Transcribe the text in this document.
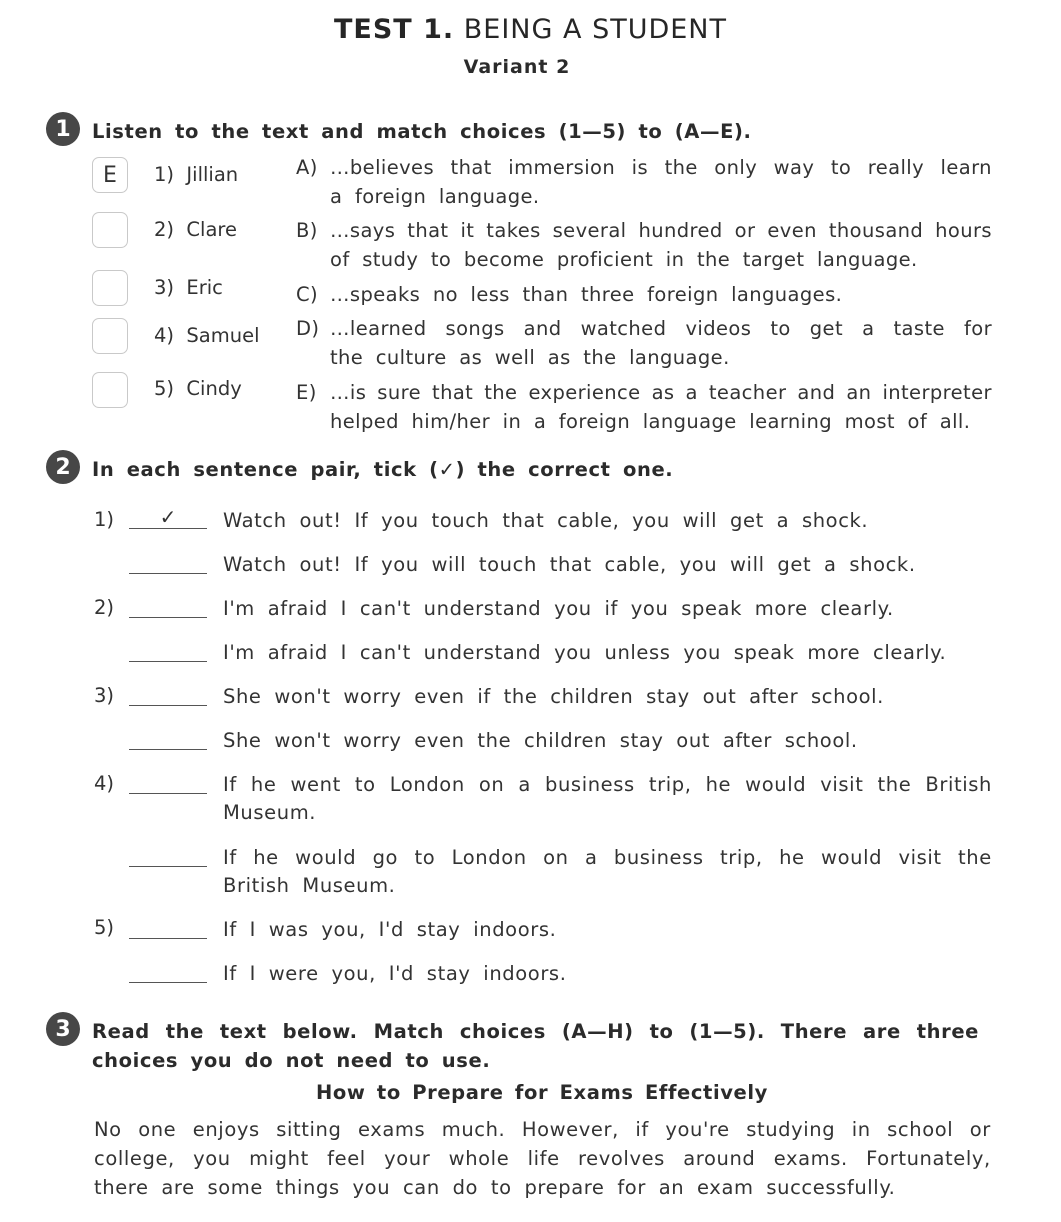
TEST 1. BEING A STUDENT
Variant 2
1	Listen to the text and match choices (1—5) to (A—E).
E	1) Jillian
2) Clare
3) Eric
4) Samuel
5) Cindy
A) …believes that immersion is the only way to really learn
a foreign language.
B) …says that it takes several hundred or even thousand hours
of study to become proficient in the target language.
C) …speaks no less than three foreign languages.
D) …learned songs and watched videos to get a taste for
the culture as well as the language.
E) …is sure that the experience as a teacher and an interpreter
helped him/her in a foreign language learning most of all.
2	In each sentence pair, tick (✓) the correct one.
1)	✓	Watch out! If you touch that cable, you will get a shock.
Watch out! If you will touch that cable, you will get a shock.
2)	I'm afraid I can't understand you if you speak more clearly.
I'm afraid I can't understand you unless you speak more clearly.
3)	She won't worry even if the children stay out after school.
She won't worry even the children stay out after school.
4)	If he went to London on a business trip, he would visit the British
Museum.
If he would go to London on a business trip, he would visit the
British Museum.
5)	If I was you, I'd stay indoors.
If I were you, I'd stay indoors.
3	Read the text below. Match choices (A—H) to (1—5). There are three
choices you do not need to use.
How to Prepare for Exams Effectively
No one enjoys sitting exams much. However, if you're studying in school or
college, you might feel your whole life revolves around exams. Fortunately,
there are some things you can do to prepare for an exam successfully.
